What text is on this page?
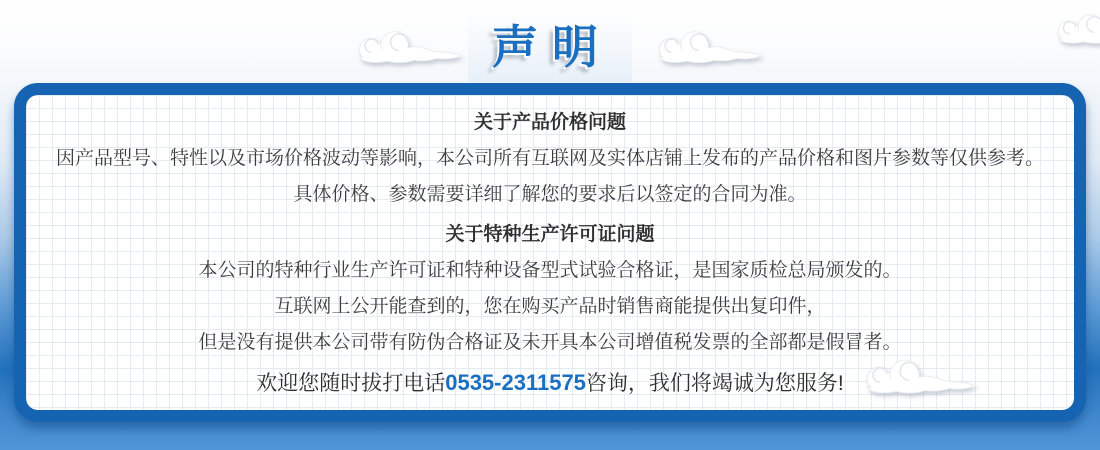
声明
关于产品价格问题

因产品型号、特性以及市场价格波动等影响，本公司所有互联网及实体店铺上发布的产品价格和图片参数等仅供参考。

具体价格、参数需要详细了解您的要求后以签定的合同为准。

关于特种生产许可证问题

本公司的特种行业生产许可证和特种设备型式试验合格证，是国家质检总局颁发的。

互联网上公开能查到的，您在购买产品时销售商能提供出复印件，

但是没有提供本公司带有防伪合格证及未开具本公司增值税发票的全部都是假冒者。

欢迎您随时拔打电话0535-2311575咨询，我们将竭诚为您服务!
